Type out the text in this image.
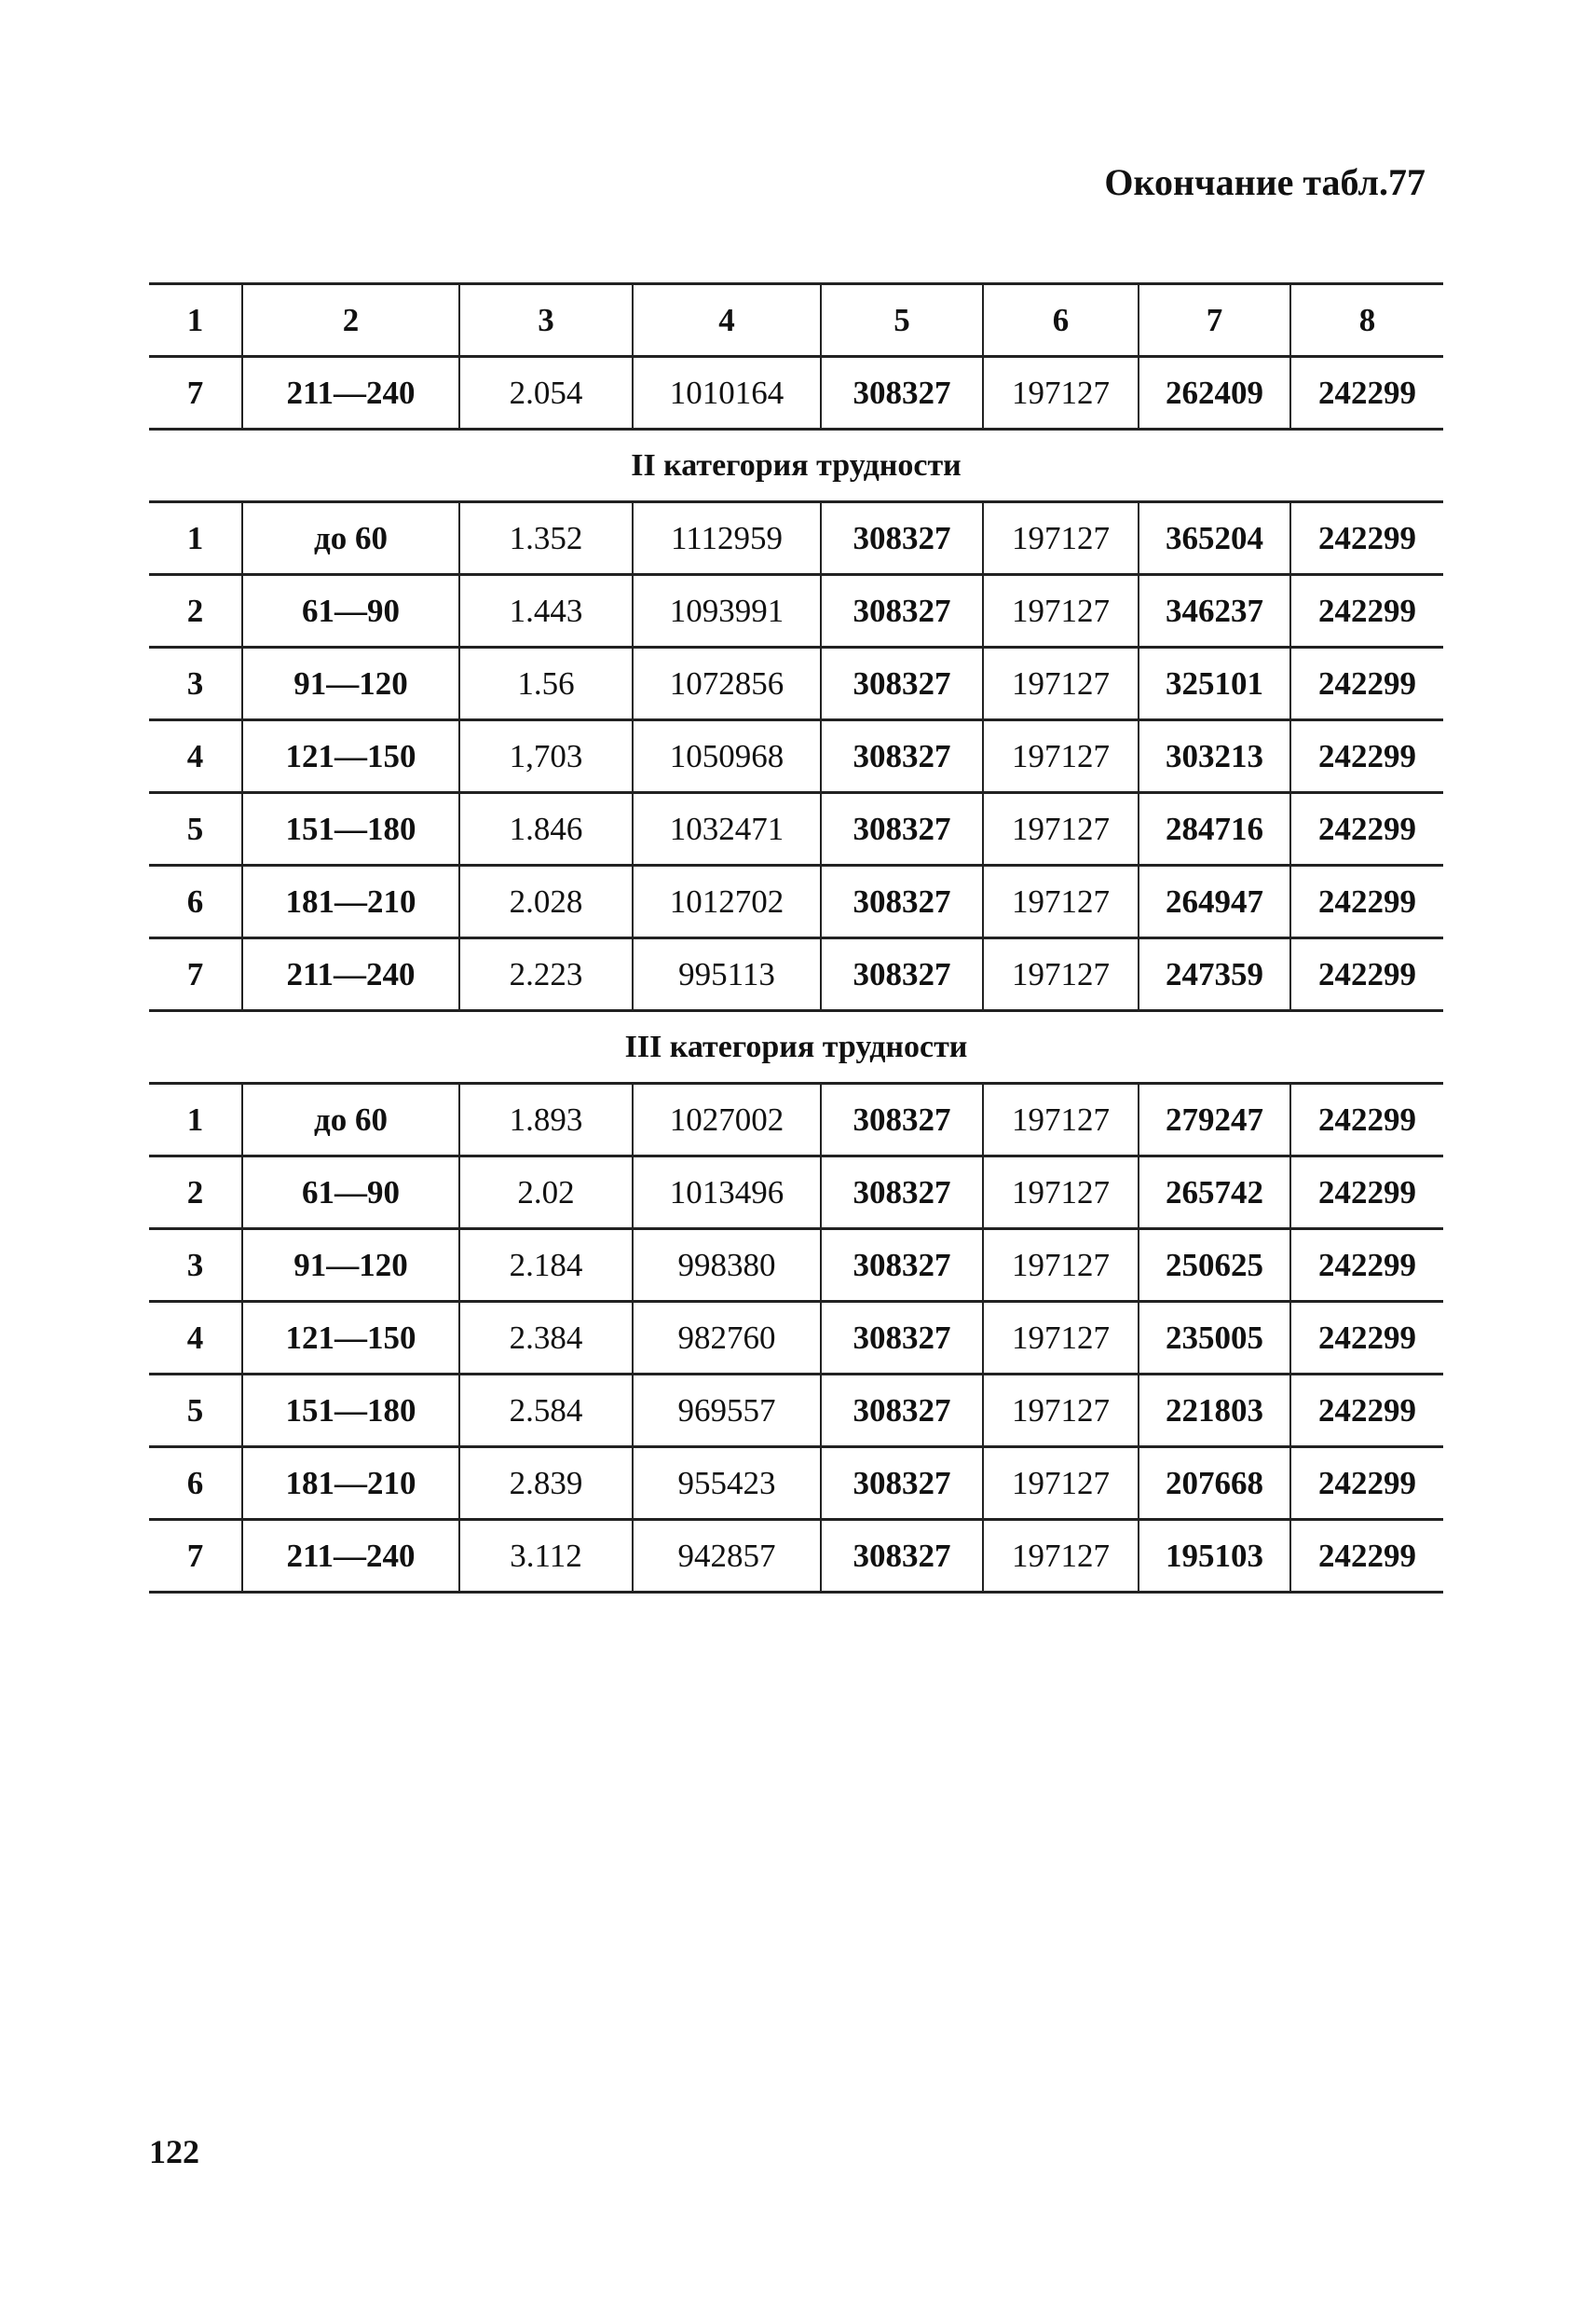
Окончание табл.77
1	2	3	4	5	6	7	8
7	211—240	2.054	1010164	308327	197127	262409	242299
II категория трудности							
1	до 60	1.352	1112959	308327	197127	365204	242299
2	61—90	1.443	1093991	308327	197127	346237	242299
3	91—120	1.56	1072856	308327	197127	325101	242299
4	121—150	1,703	1050968	308327	197127	303213	242299
5	151—180	1.846	1032471	308327	197127	284716	242299
6	181—210	2.028	1012702	308327	197127	264947	242299
7	211—240	2.223	995113	308327	197127	247359	242299
III категория трудности							
1	до 60	1.893	1027002	308327	197127	279247	242299
2	61—90	2.02	1013496	308327	197127	265742	242299
3	91—120	2.184	998380	308327	197127	250625	242299
4	121—150	2.384	982760	308327	197127	235005	242299
5	151—180	2.584	969557	308327	197127	221803	242299
6	181—210	2.839	955423	308327	197127	207668	242299
7	211—240	3.112	942857	308327	197127	195103	242299
122
